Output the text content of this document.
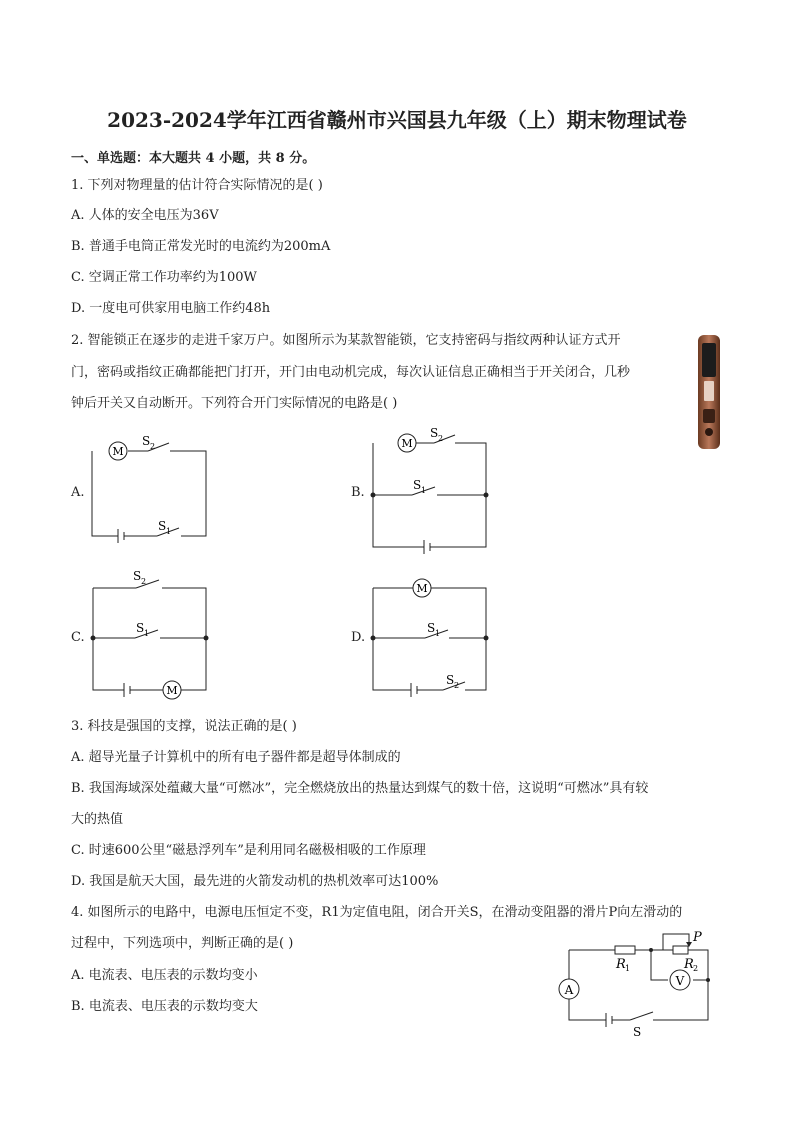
2023-2024学年江西省赣州市兴国县九年级（上）期末物理试卷
一、单选题：本大题共 4 小题，共 8 分。
1. 下列对物理量的估计符合实际情况的是( )
A. 人体的安全电压为36V
B. 普通手电筒正常发光时的电流约为200mA
C. 空调正常工作功率约为100W
D. 一度电可供家用电脑工作约48h
2. 智能锁正在逐步的走进千家万户。如图所示为某款智能锁，它支持密码与指纹两种认证方式开
门，密码或指纹正确都能把门打开，开门由电动机完成，每次认证信息正确相当于开关闭合，几秒
钟后开关又自动断开。下列符合开门实际情况的电路是( )
A.
M
S 2
S 1
B.
M
S 2
S 1
C.
M
S 2
S 1	D.
M
S 1
S 2
3. 科技是强国的支撑，说法正确的是( )
A. 超导光量子计算机中的所有电子器件都是超导体制成的
B. 我国海域深处蕴藏大量“可燃冰”，完全燃烧放出的热量达到煤气的数十倍，这说明“可燃冰”具有较
大的热值
C. 时速600公里“磁悬浮列车”是利用同名磁极相吸的工作原理
D. 我国是航天大国，最先进的火箭发动机的热机效率可达100%
4. 如图所示的电路中，电源电压恒定不变，R1为定值电阻，闭合开关S，在滑动变阻器的滑片P向左滑动的
过程中，下列选项中，判断正确的是( )
A. 电流表、电压表的示数均变小
B. 电流表、电压表的示数均变大
P
R 1	R 2
A
V
S
